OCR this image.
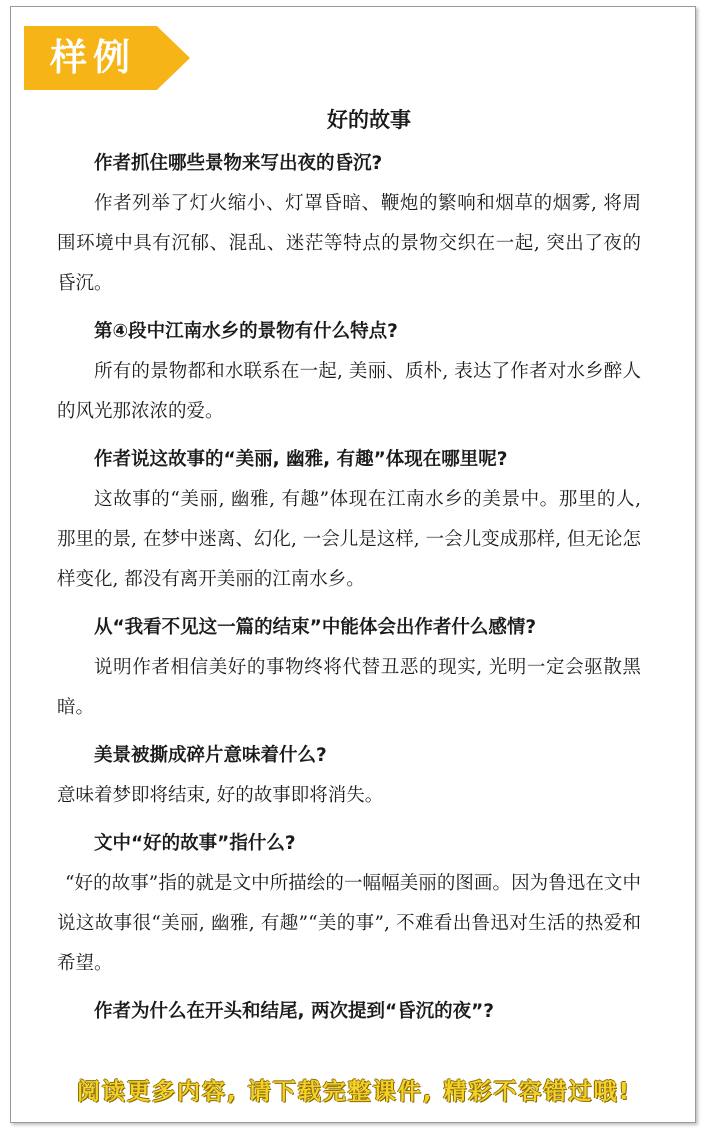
样例
好的故事
作者抓住哪些景物来写出夜的昏沉?
作者列举了灯火缩小、灯罩昏暗、鞭炮的繁响和烟草的烟雾, 将周围环境中具有沉郁、混乱、迷茫等特点的景物交织在一起, 突出了夜的昏沉。
第④段中江南水乡的景物有什么特点?
所有的景物都和水联系在一起, 美丽、质朴, 表达了作者对水乡醉人的风光那浓浓的爱。
作者说这故事的“美丽, 幽雅, 有趣”体现在哪里呢?
这故事的“美丽, 幽雅, 有趣”体现在江南水乡的美景中。那里的人, 那里的景, 在梦中迷离、幻化, 一会儿是这样, 一会儿变成那样, 但无论怎样变化, 都没有离开美丽的江南水乡。
从“我看不见这一篇的结束”中能体会出作者什么感情?
说明作者相信美好的事物终将代替丑恶的现实, 光明一定会驱散黑暗。
美景被撕成碎片意味着什么?
意味着梦即将结束, 好的故事即将消失。
文中“好的故事”指什么?
“好的故事”指的就是文中所描绘的一幅幅美丽的图画。因为鲁迅在文中说这故事很“美丽, 幽雅, 有趣”“美的事”, 不难看出鲁迅对生活的热爱和希望。
作者为什么在开头和结尾, 两次提到“昏沉的夜”?
阅读更多内容, 请下载完整课件, 精彩不容错过哦!
